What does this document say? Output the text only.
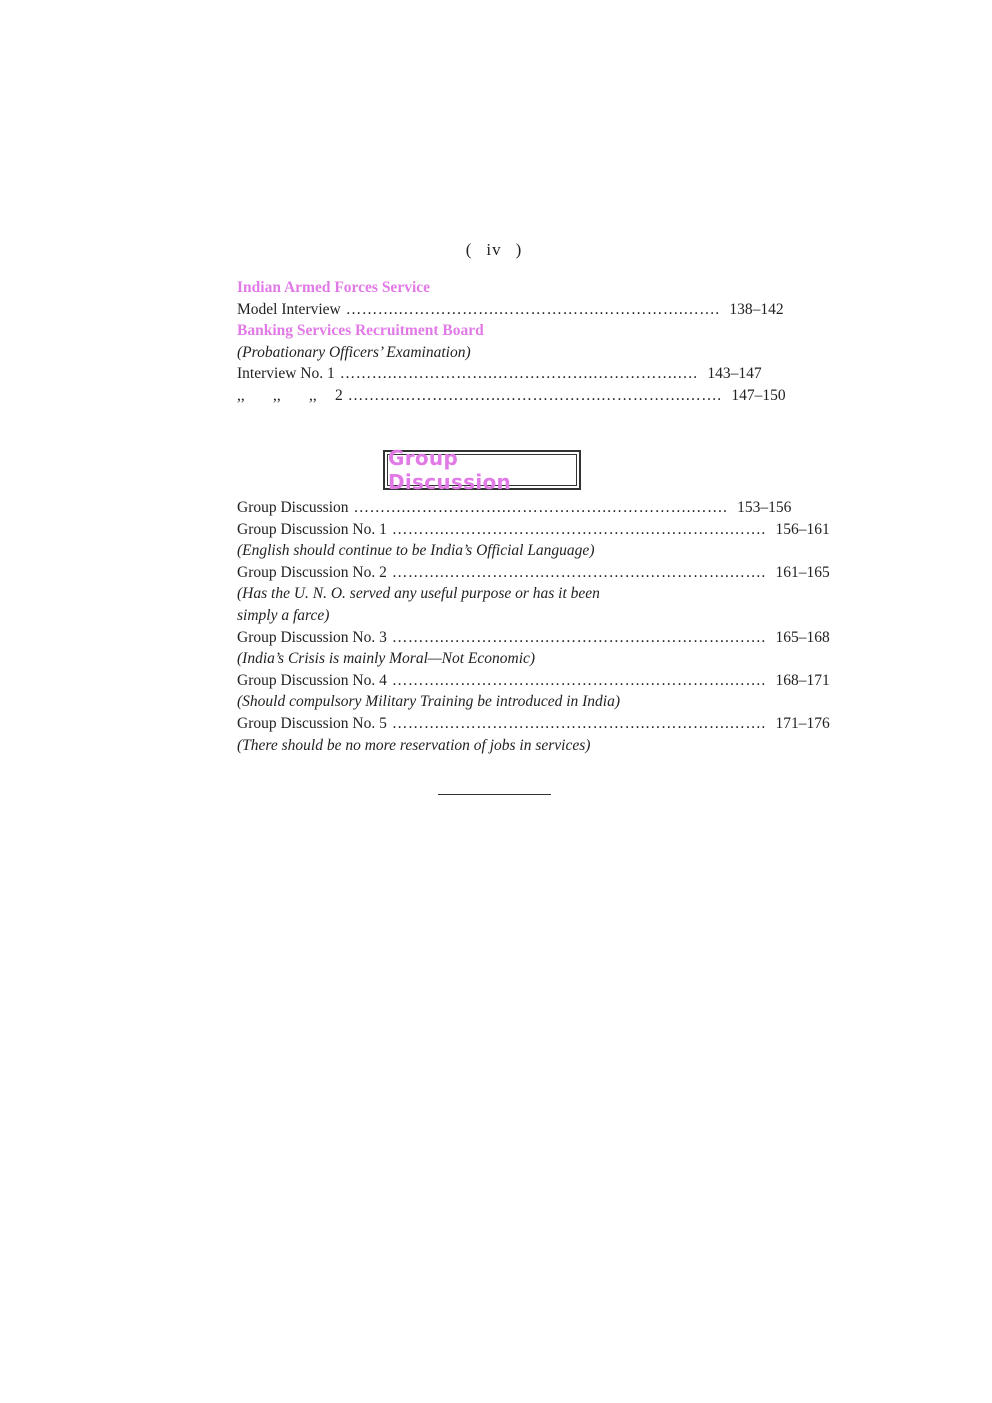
( iv )
Indian Armed Forces Service
Model Interview ……….……………….……………….…………….……. 138–142
Banking Services Recruitment Board
(Probationary Officers’ Examination)
Interview No. 1 ……….……………….……………….…………….…. 143–147
,, ,, ,, 2 ……….……………….……………….…………….……. 147–150
Group Discussion
Group Discussion ……….……………….……………….…………….……. 153–156
Group Discussion No. 1 ……….……………….……………….…………….……. 156–161
(English should continue to be India’s Official Language)
Group Discussion No. 2 ……….……………….……………….…………….……. 161–165
(Has the U. N. O. served any useful purpose or has it been
simply a farce)
Group Discussion No. 3 ……….……………….……………….…………….……. 165–168
(India’s Crisis is mainly Moral—Not Economic)
Group Discussion No. 4 ……….……………….……………….…………….……. 168–171
(Should compulsory Military Training be introduced in India)
Group Discussion No. 5 ……….……………….……………….…………….……. 171–176
(There should be no more reservation of jobs in services)
